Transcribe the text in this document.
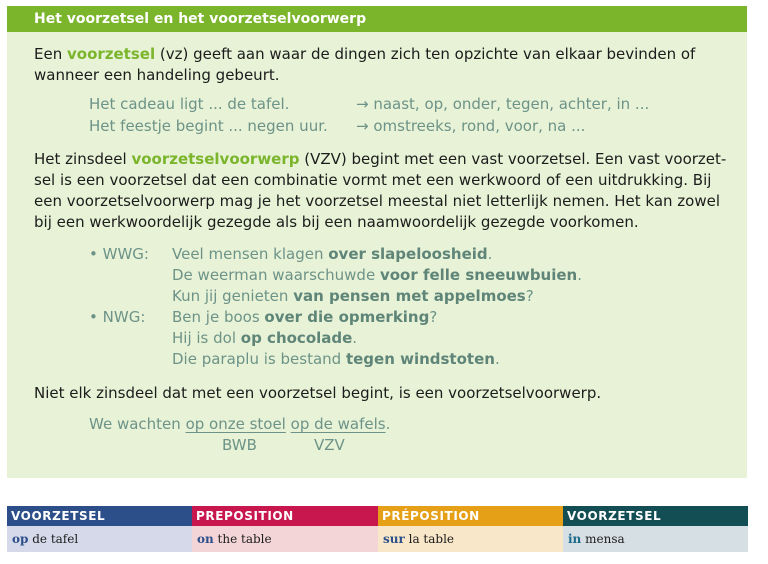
Het voorzetsel en het voorzetselvoorwerp
Een voorzetsel (vz) geeft aan waar de dingen zich ten opzichte van elkaar bevinden of
wanneer een handeling gebeurt.
Het cadeau ligt ... de tafel.	→ naast, op, onder, tegen, achter, in ...
Het feestje begint ... negen uur. → omstreeks, rond, voor, na ...
Het zinsdeel voorzetselvoorwerp (VZV) begint met een vast voorzetsel. Een vast voorzet-
sel is een voorzetsel dat een combinatie vormt met een werkwoord of een uitdrukking. Bij
een voorzetselvoorwerp mag je het voorzetsel meestal niet letterlijk nemen. Het kan zowel
bij een werkwoordelijk gezegde als bij een naamwoordelijk gezegde voorkomen.
• WWG: Veel mensen klagen over slapeloosheid.
De weerman waarschuwde voor felle sneeuwbuien.
Kun jij genieten van pensen met appelmoes?
• NWG: Ben je boos over die opmerking?
Hij is dol op chocolade.
Die paraplu is bestand tegen windstoten.
Niet elk zinsdeel dat met een voorzetsel begint, is een voorzetselvoorwerp.
We wachten op onze stoel op de wafels.
BWB	VZV
VOORZETSEL	PREPOSITION	PRÉPOSITION	VOORZETSEL
op de tafel	on the table	sur la table	in mensa
